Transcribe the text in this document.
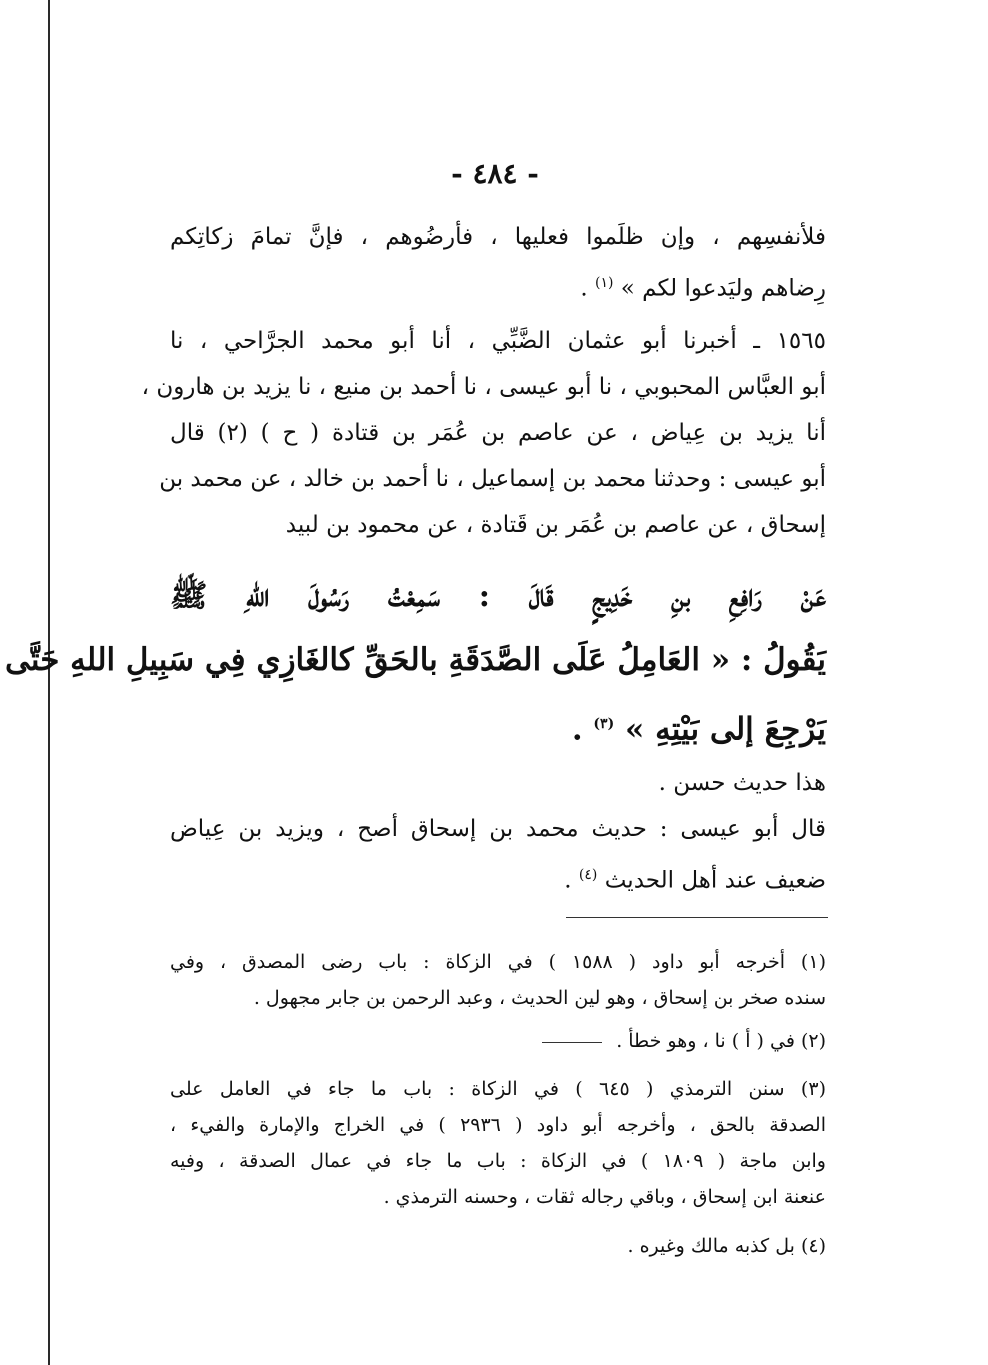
- ٤٨٤ -
فلأنفسِهم ، وإن ظلَموا فعليها ، فأرضُوهم ، فإنَّ تمامَ زكاتِكم
رِضاهم وليَدعوا لكم » $^{(١)}$ .
١٥٦٥ ـ أخبرنا أبو عثمان الضَّبِّي ، أنا أبو محمد الجرَّاحي ، نا
أبو العبَّاس المحبوبي ، نا أبو عيسى ، نا أحمد بن منيع ، نا يزيد بن هارون ،
أنا يزيد بن عِياض ، عن عاصم بن عُمَر بن قتادة ( ح ) (٢) قال
أبو عيسى : وحدثنا محمد بن إسماعيل ، نا أحمد بن خالد ، عن محمد بن
إسحاق ، عن عاصم بن عُمَر بن قَتادة ، عن محمود بن لبيد
عَنْ رَافِعِ بنِ خَدِيجٍ قَالَ : سَمِعْتُ رَسُولَ اللهِ ﷺ
يَقُولُ : « العَامِلُ عَلَى الصَّدَقَةِ بالحَقِّ كالغَازِي فِي سَبِيلِ اللهِ حَتَّى
يَرْجِعَ إلى بَيْتِهِ » $^{(٣)}$ .
هذا حديث حسن .
قال أبو عيسى : حديث محمد بن إسحاق أصح ، ويزيد بن عِياض
ضعيف عند أهل الحديث $^{(٤)}$ .
(١) أخرجه أبو داود ( ١٥٨٨ ) في الزكاة : باب رضى المصدق ، وفي
سنده صخر بن إسحاق ، وهو لين الحديث ، وعبد الرحمن بن جابر مجهول .
(٢) في ( أ ) نا ، وهو خطأ .
(٣) سنن الترمذي ( ٦٤٥ ) في الزكاة : باب ما جاء في العامل على
الصدقة بالحق ، وأخرجه أبو داود ( ٢٩٣٦ ) في الخراج والإمارة والفيء ،
وابن ماجة ( ١٨٠٩ ) في الزكاة : باب ما جاء في عمال الصدقة ، وفيه
عنعنة ابن إسحاق ، وباقي رجاله ثقات ، وحسنه الترمذي .
(٤) بل كذبه مالك وغيره .
